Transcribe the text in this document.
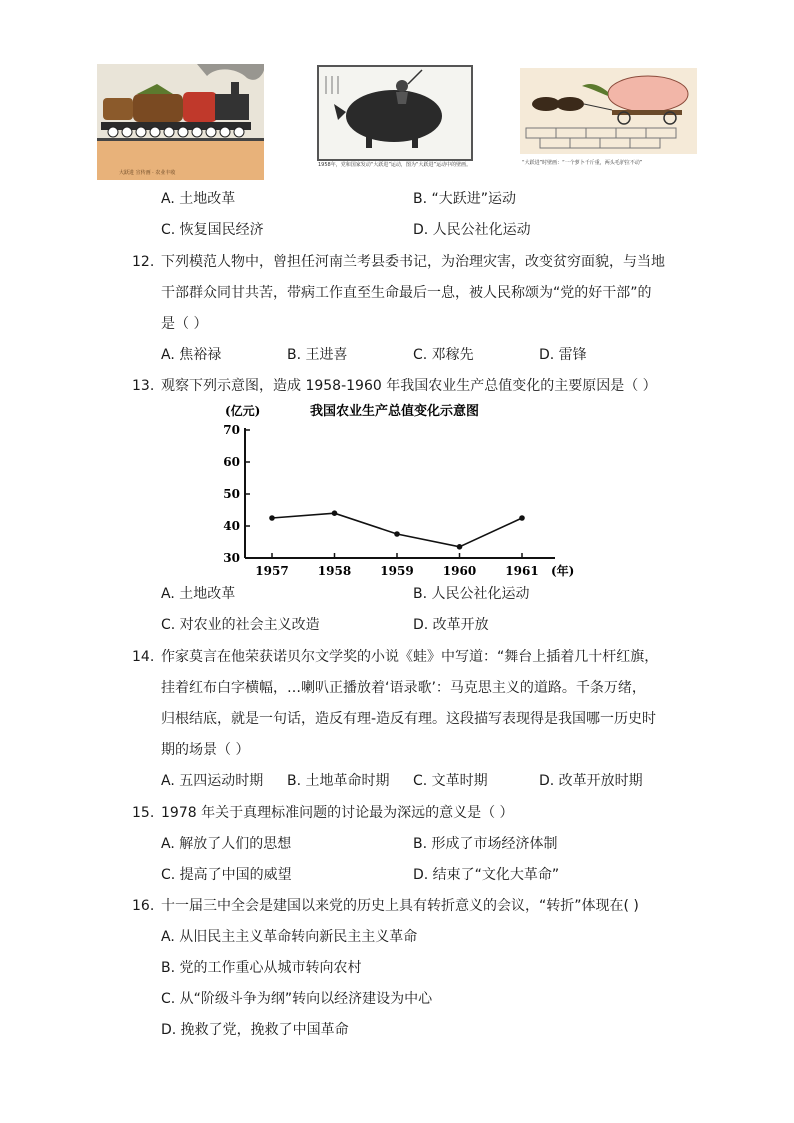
大跃进 宣传画 · 农业丰收
1958年，党和国家发动“大跃进”运动，图为“大跃进”运动中的壁画。	“大跃进”时壁画：“一个萝卜千斤重，两头毛驴拉不动”
A. 土地改革	B. “大跃进”运动
C. 恢复国民经济	D. 人民公社化运动
12. 下列模范人物中，曾担任河南兰考县委书记，为治理灾害，改变贫穷面貌，与当地
干部群众同甘共苦，带病工作直至生命最后一息，被人民称颂为“党的好干部”的
是（ ）
A. 焦裕禄	B. 王进喜	C. 邓稼先	D. 雷锋
13. 观察下列示意图，造成 1958-1960 年我国农业生产总值变化的主要原因是（ ）
(亿元)	我国农业生产总值变化示意图
30
40
50
60
70
1957 1958 1959 1960 1961 (年)
A. 土地改革	B. 人民公社化运动
C. 对农业的社会主义改造	D. 改革开放
14. 作家莫言在他荣获诺贝尔文学奖的小说《蛙》中写道：“舞台上插着几十杆红旗，
挂着红布白字横幅，…喇叭正播放着‘语录歌’：马克思主义的道路。千条万绪，
归根结底，就是一句话，造反有理-造反有理。这段描写表现得是我国哪一历史时
期的场景（ ）
A. 五四运动时期 B. 土地革命时期 C. 文革时期	D. 改革开放时期
15. 1978 年关于真理标准问题的讨论最为深远的意义是（ ）
A. 解放了人们的思想	B. 形成了市场经济体制
C. 提高了中国的威望	D. 结束了“文化大革命”
16. 十一届三中全会是建国以来党的历史上具有转折意义的会议，“转折”体现在( )
A. 从旧民主主义革命转向新民主主义革命
B. 党的工作重心从城市转向农村
C. 从“阶级斗争为纲”转向以经济建设为中心
D. 挽救了党，挽救了中国革命
